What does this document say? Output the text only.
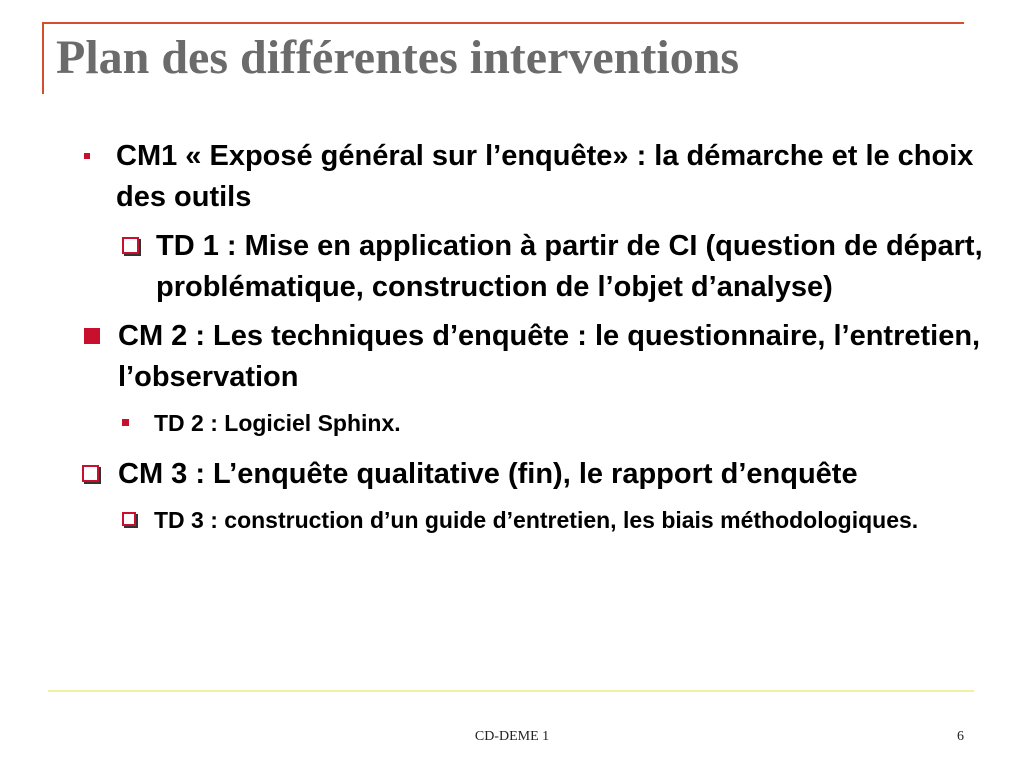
Plan des différentes interventions
CM1 « Exposé général sur l’enquête» : la démarche et le choix des outils
TD 1 : Mise en application à partir de CI (question de départ, problématique, construction de l’objet d’analyse)
CM 2 : Les techniques d’enquête : le questionnaire, l’entretien, l’observation
TD 2 : Logiciel Sphinx.
CM 3 : L’enquête qualitative (fin), le rapport d’enquête
TD 3 : construction d’un guide d’entretien, les biais méthodologiques.
CD-DEME 1	6
